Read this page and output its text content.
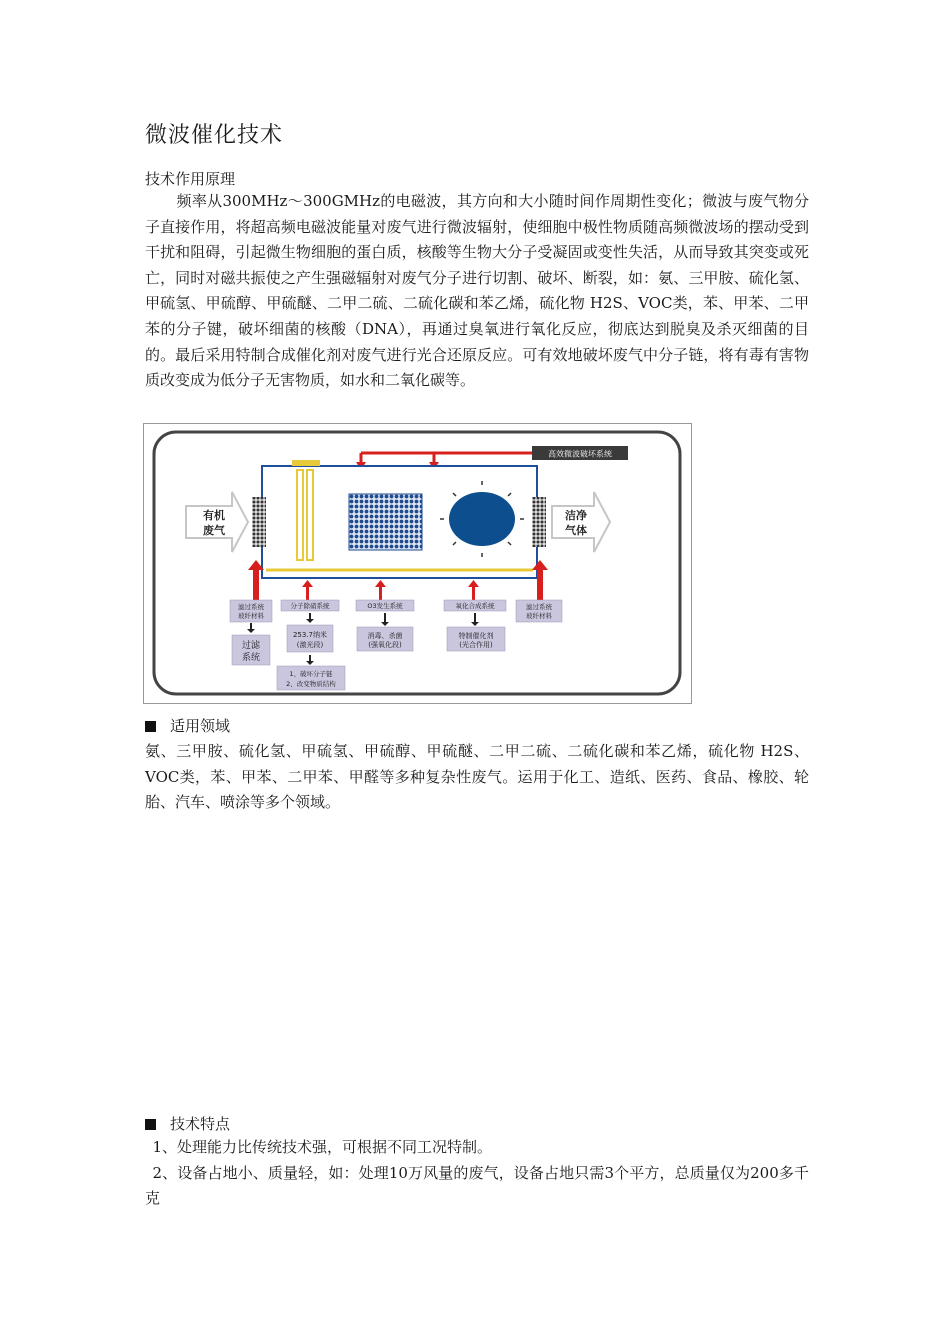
微波催化技术
技术作用原理
频率从300MHz～300GMHz的电磁波，其方向和大小随时间作周期性变化；微波与废气物分子直接作用，将超高频电磁波能量对废气进行微波辐射，使细胞中极性物质随高频微波场的摆动受到干扰和阻碍，引起微生物细胞的蛋白质，核酸等生物大分子受凝固或变性失活，从而导致其突变或死亡，同时对磁共振使之产生强磁辐射对废气分子进行切割、破坏、断裂，如：氨、三甲胺、硫化氢、甲硫氢、甲硫醇、甲硫醚、二甲二硫、二硫化碳和苯乙烯，硫化物 H2S、VOC类，苯、甲苯、二甲苯的分子键，破坏细菌的核酸（DNA），再通过臭氧进行氧化反应，彻底达到脱臭及杀灭细菌的目的。最后采用特制合成催化剂对废气进行光合还原反应。可有效地破坏废气中分子链，将有毒有害物质改变成为低分子无害物质，如水和二氧化碳等。
高效微波破坏系统
有机
废气
洁净
气体
滤过系统
玻纤材料
分子除硝系统	O3发生系统	氧化合成系统	滤过系统
玻纤材料
过滤
系统
253.7纳米
(激光段)
消毒、杀菌
(强氧化段)
特制催化剂
(光合作用)
1、破坏分子链
2、改变物质结构
适用领域
氨、三甲胺、硫化氢、甲硫氢、甲硫醇、甲硫醚、二甲二硫、二硫化碳和苯乙烯，硫化物 H2S、VOC类，苯、甲苯、二甲苯、甲醛等多种复杂性废气。运用于化工、造纸、医药、食品、橡胶、轮胎、汽车、喷涂等多个领域。
技术特点
1、处理能力比传统技术强，可根据不同工况特制。
2、设备占地小、质量轻，如：处理10万风量的废气，设备占地只需3个平方，总质量仅为200多千克
